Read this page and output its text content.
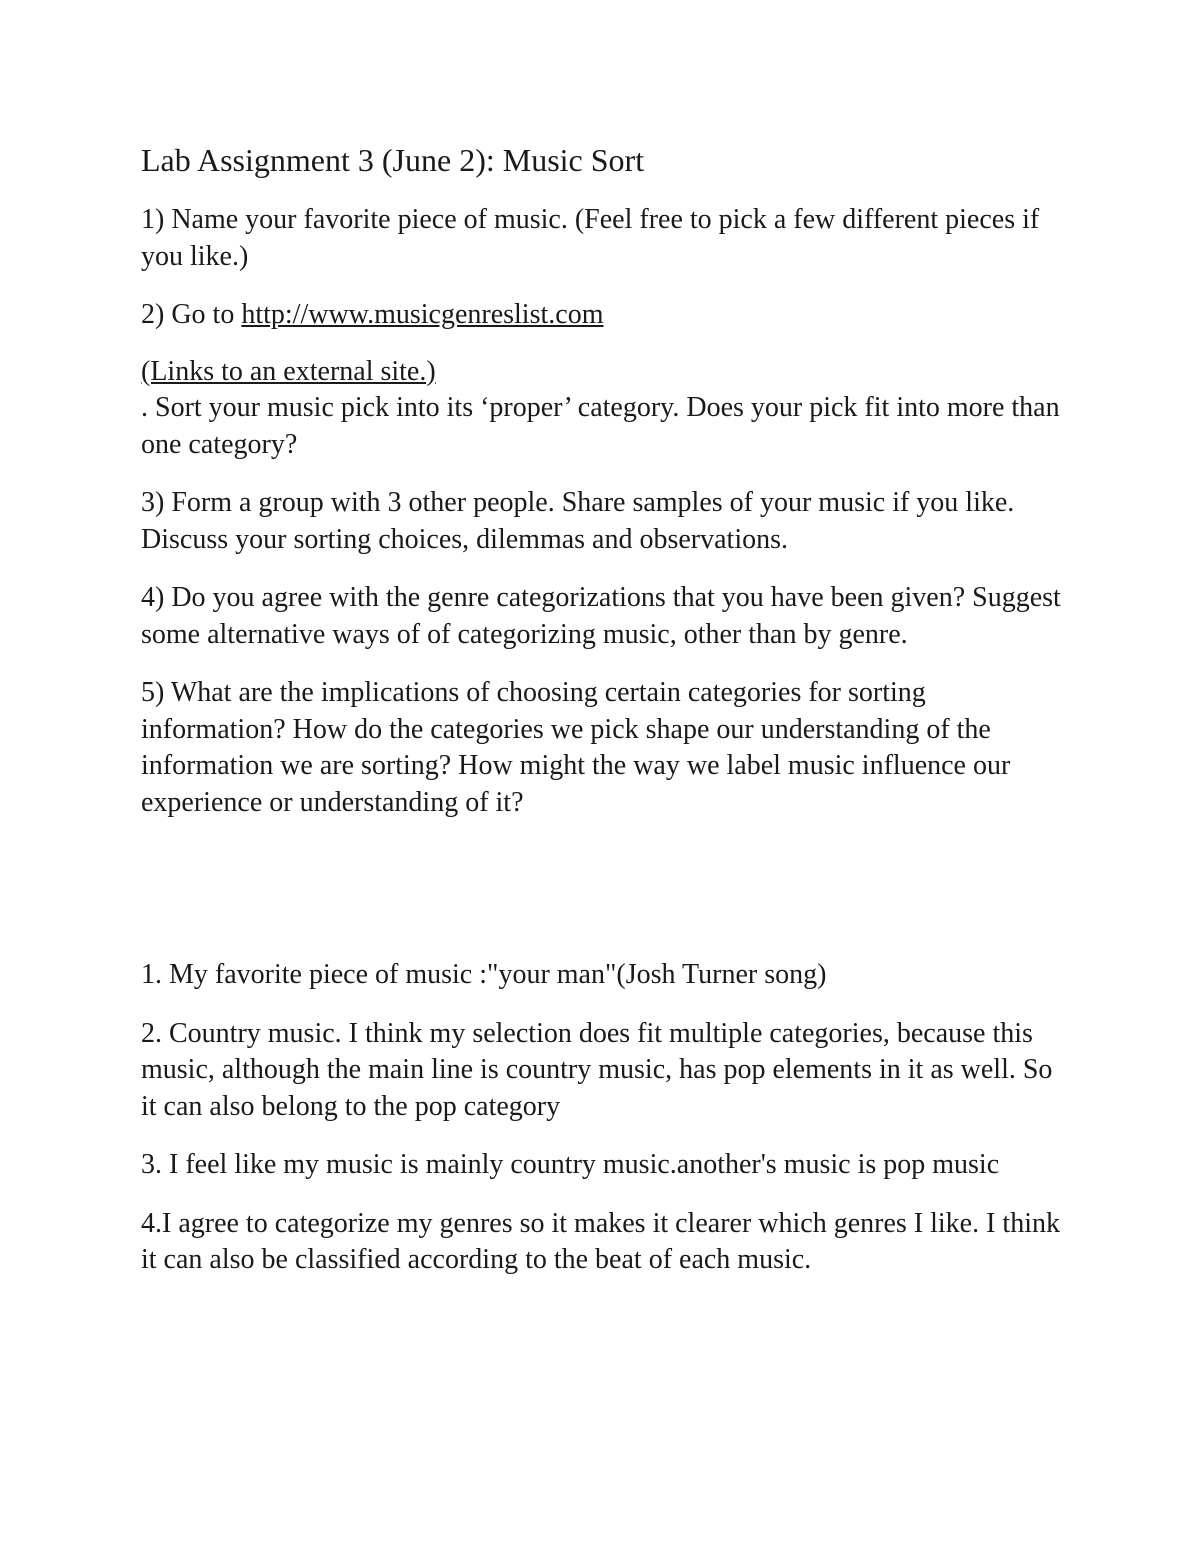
Lab Assignment 3 (June 2): Music Sort

1) Name your favorite piece of music. (Feel free to pick a few different pieces if you like.)

2) Go to http://www.musicgenreslist.com

(Links to an external site.)

. Sort your music pick into its ‘proper’ category. Does your pick fit into more than one category?

3) Form a group with 3 other people. Share samples of your music if you like. Discuss your sorting choices, dilemmas and observations.

4) Do you agree with the genre categorizations that you have been given? Suggest some alternative ways of of categorizing music, other than by genre.

5) What are the implications of choosing certain categories for sorting information? How do the categories we pick shape our understanding of the information we are sorting? How might the way we label music influence our experience or understanding of it?

1. My favorite piece of music :"your man"(Josh Turner song)

2. Country music. I think my selection does fit multiple categories, because this music, although the main line is country music, has pop elements in it as well. So it can also belong to the pop category

3. I feel like my music is mainly country music.another's music is pop music

4.I agree to categorize my genres so it makes it clearer which genres I like. I think it can also be classified according to the beat of each music.
